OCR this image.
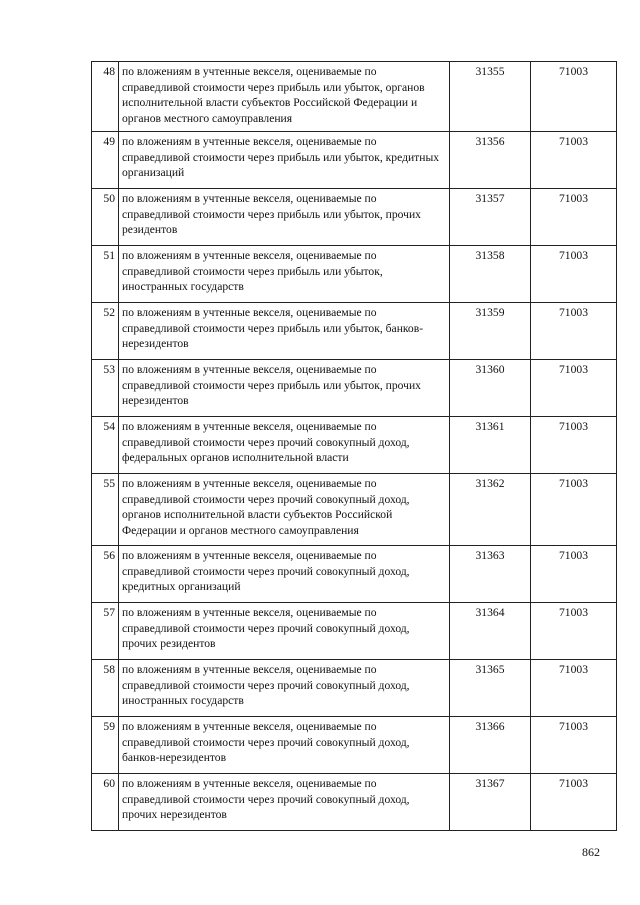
48	по вложениям в учтенные векселя, оцениваемые по справедливой стоимости через прибыль или убыток, органов исполнительной власти субъектов Российской Федерации и органов местного самоуправления	31355	71003
49	по вложениям в учтенные векселя, оцениваемые по справедливой стоимости через прибыль или убыток, кредитных организаций	31356	71003
50	по вложениям в учтенные векселя, оцениваемые по справедливой стоимости через прибыль или убыток, прочих резидентов	31357	71003
51	по вложениям в учтенные векселя, оцениваемые по справедливой стоимости через прибыль или убыток, иностранных государств	31358	71003
52	по вложениям в учтенные векселя, оцениваемые по справедливой стоимости через прибыль или убыток, банков-нерезидентов	31359	71003
53	по вложениям в учтенные векселя, оцениваемые по справедливой стоимости через прибыль или убыток, прочих нерезидентов	31360	71003
54	по вложениям в учтенные векселя, оцениваемые по справедливой стоимости через прочий совокупный доход, федеральных органов исполнительной власти	31361	71003
55	по вложениям в учтенные векселя, оцениваемые по справедливой стоимости через прочий совокупный доход, органов исполнительной власти субъектов Российской Федерации и органов местного самоуправления	31362	71003
56	по вложениям в учтенные векселя, оцениваемые по справедливой стоимости через прочий совокупный доход, кредитных организаций	31363	71003
57	по вложениям в учтенные векселя, оцениваемые по справедливой стоимости через прочий совокупный доход, прочих резидентов	31364	71003
58	по вложениям в учтенные векселя, оцениваемые по справедливой стоимости через прочий совокупный доход, иностранных государств	31365	71003
59	по вложениям в учтенные векселя, оцениваемые по справедливой стоимости через прочий совокупный доход, банков-нерезидентов	31366	71003
60	по вложениям в учтенные векселя, оцениваемые по справедливой стоимости через прочий совокупный доход, прочих нерезидентов	31367	71003
862
